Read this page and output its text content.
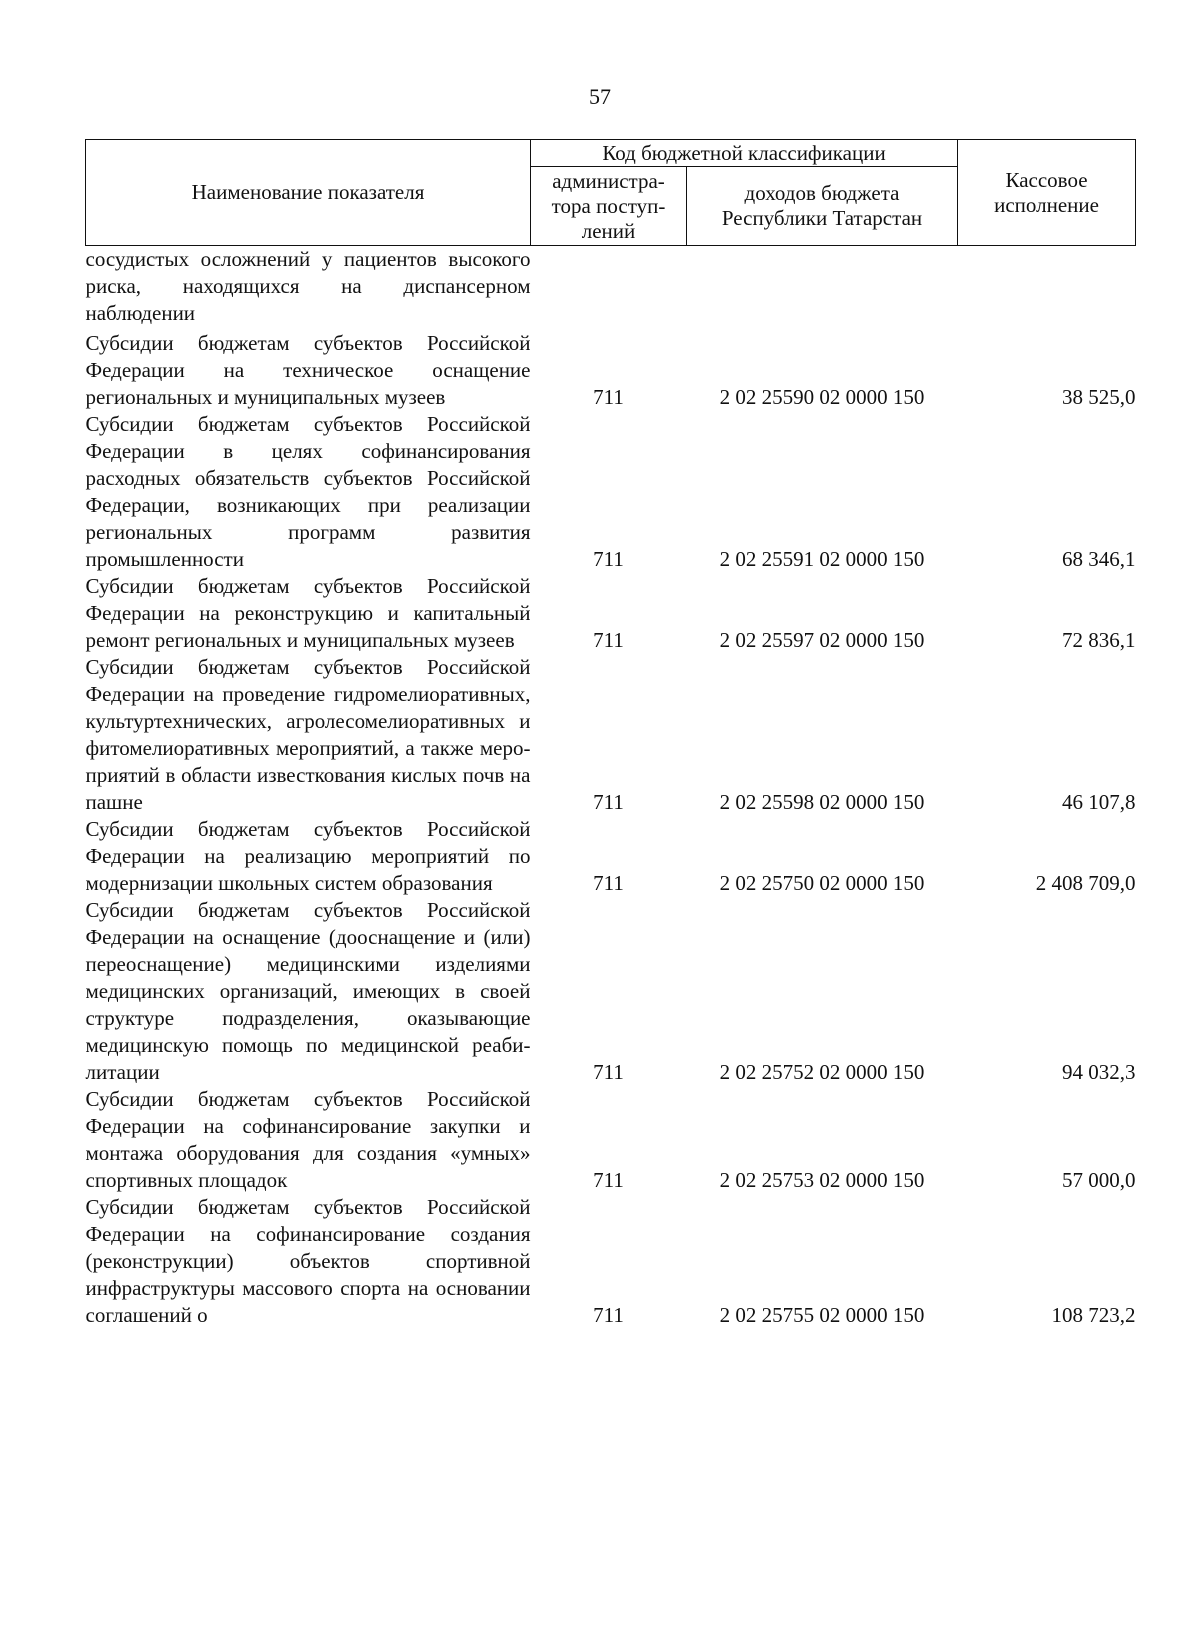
57
Наименование показателя	Код бюджетной классификации		Кассовое исполнение
	администра-тора поступ-лений	доходов бюджета Республики Татарстан	
сосудистых осложнений у пациентов высокого риска, находящихся на диспансерном наблюдении			
Субсидии бюджетам субъектов Российской Федерации на техническое оснащение региональных и муниципальных музеев	711	2 02 25590 02 0000 150	38 525,0
Субсидии бюджетам субъектов Российской Федерации в целях софинансирования расходных обязательств субъектов Российской Федерации, возникающих при реализации региональных программ развития промышленности	711	2 02 25591 02 0000 150	68 346,1
Субсидии бюджетам субъектов Российской Федерации на реконструкцию и капитальный ремонт региональных и муниципальных музеев	711	2 02 25597 02 0000 150	72 836,1
Субсидии бюджетам субъектов Российской Федерации на проведение гидромелиоративных, культуртехнических, агролесомелиоративных и фитомелиоративных мероприятий, а также мероприятий в области известкования кислых почв на пашне	711	2 02 25598 02 0000 150	46 107,8
Субсидии бюджетам субъектов Российской Федерации на реализацию мероприятий по модернизации школьных систем образования	711	2 02 25750 02 0000 150	2 408 709,0
Субсидии бюджетам субъектов Российской Федерации на оснащение (дооснащение и (или) переоснащение) медицинскими изделиями медицинских организаций, имеющих в своей структуре подразделения, оказывающие медицинскую помощь по медицинской реабилитации	711	2 02 25752 02 0000 150	94 032,3
Субсидии бюджетам субъектов Российской Федерации на софинансирование закупки и монтажа оборудования для создания «умных» спортивных площадок	711	2 02 25753 02 0000 150	57 000,0
Субсидии бюджетам субъектов Российской Федерации на софинансирование создания (реконструкции) объектов спортивной инфраструктуры массового спорта на основании соглашений о	711	2 02 25755 02 0000 150	108 723,2
